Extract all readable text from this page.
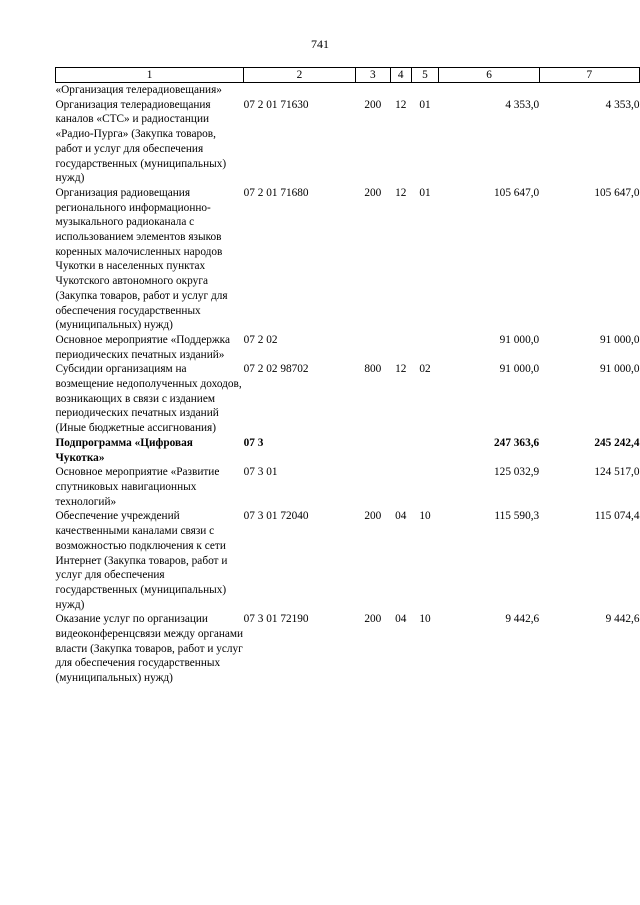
741
1	2	3	4	5	6	7
«Организация телерадиовещания»						
Организация телерадиовещания каналов «СТС» и радиостанции «Радио-Пурга» (Закупка товаров, работ и услуг для обеспечения государственных (муниципальных) нужд)	07 2 01 71630	200	12	01	4 353,0	4 353,0
Организация радиовещания регионального информационно-музыкального радиоканала с использованием элементов языков коренных малочисленных народов Чукотки в населенных пунктах Чукотского автономного округа (Закупка товаров, работ и услуг для обеспечения государственных (муниципальных) нужд)	07 2 01 71680	200	12	01	105 647,0	105 647,0
Основное мероприятие «Поддержка периодических печатных изданий»	07 2 02				91 000,0	91 000,0
Субсидии организациям на возмещение недополученных доходов, возникающих в связи с изданием периодических печатных изданий (Иные бюджетные ассигнования)	07 2 02 98702	800	12	02	91 000,0	91 000,0
Подпрограмма «Цифровая Чукотка»	07 3				247 363,6	245 242,4
Основное мероприятие «Развитие спутниковых навигационных технологий»	07 3 01				125 032,9	124 517,0
Обеспечение учреждений качественными каналами связи с возможностью подключения к сети Интернет (Закупка товаров, работ и услуг для обеспечения государственных (муниципальных) нужд)	07 3 01 72040	200	04	10	115 590,3	115 074,4
Оказание услуг по организации видеоконференцсвязи между органами власти (Закупка товаров, работ и услуг для обеспечения государственных (муниципальных) нужд)	07 3 01 72190	200	04	10	9 442,6	9 442,6
